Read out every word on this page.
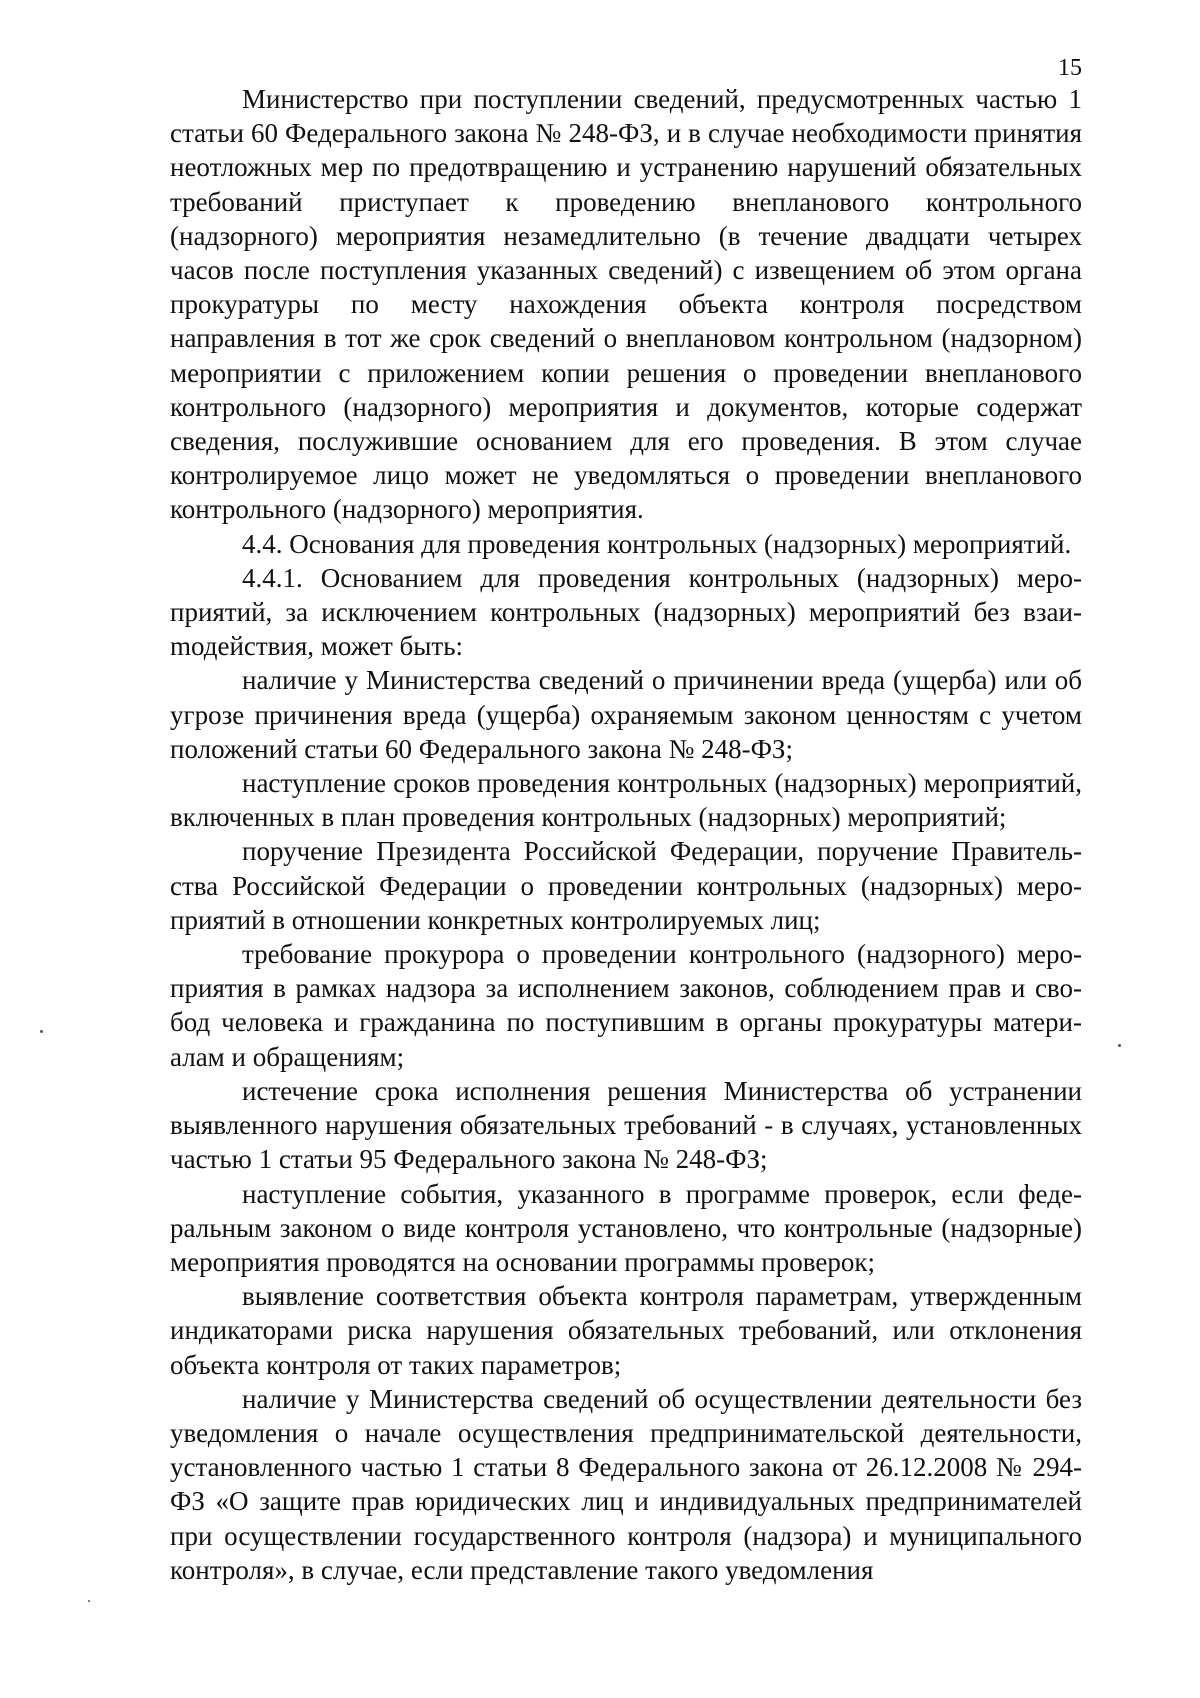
15

Министерство при поступлении сведений, предусмотренных частью 1 статьи 60 Федерального закона № 248-ФЗ, и в случае необходимости принятия неотложных мер по предотвращению и устранению нарушений обязательных требований приступает к проведению внепланового контрольного (надзорного) мероприятия незамедлительно (в течение двадцати четырех часов после поступления указанных сведений) с извещением об этом органа прокуратуры по месту нахождения объекта контроля посредством направления в тот же срок сведений о внеплановом контрольном (надзорном) мероприятии с приложением копии решения о проведении внепланового контрольного (надзорного) мероприятия и документов, которые содержат сведения, послужившие основанием для его проведения. В этом случае контролируемое лицо может не уведомляться о проведении внепланового контрольного (надзорного) мероприятия.

4.4. Основания для проведения контрольных (надзорных) мероприятий.

4.4.1. Основанием для проведения контрольных (надзорных) мероприятий, за исключением контрольных (надзорных) мероприятий без взаиmодействия, может быть:

наличие у Министерства сведений о причинении вреда (ущерба) или об угрозе причинения вреда (ущерба) охраняемым законом ценностям с учетом положений статьи 60 Федерального закона № 248-ФЗ;

наступление сроков проведения контрольных (надзорных) мероприятий, включенных в план проведения контрольных (надзорных) мероприятий;

поручение Президента Российской Федерации, поручение Правительства Российской Федерации о проведении контрольных (надзорных) мероприятий в отношении конкретных контролируемых лиц;

требование прокурора о проведении контрольного (надзорного) мероприятия в рамках надзора за исполнением законов, соблюдением прав и свобод человека и гражданина по поступившим в органы прокуратуры материалам и обращениям;

истечение срока исполнения решения Министерства об устранении выявленного нарушения обязательных требований - в случаях, установленных частью 1 статьи 95 Федерального закона № 248-ФЗ;

наступление события, указанного в программе проверок, если федеральным законом о виде контроля установлено, что контрольные (надзорные) мероприятия проводятся на основании программы проверок;

выявление соответствия объекта контроля параметрам, утвержденным индикаторами риска нарушения обязательных требований, или отклонения объекта контроля от таких параметров;

наличие у Министерства сведений об осуществлении деятельности без уведомления о начале осуществления предпринимательской деятельности, установленного частью 1 статьи 8 Федерального закона от 26.12.2008 № 294-ФЗ «О защите прав юридических лиц и индивидуальных предпринимателей при осуществлении государственного контроля (надзора) и муниципального контроля», в случае, если представление такого уведомления
